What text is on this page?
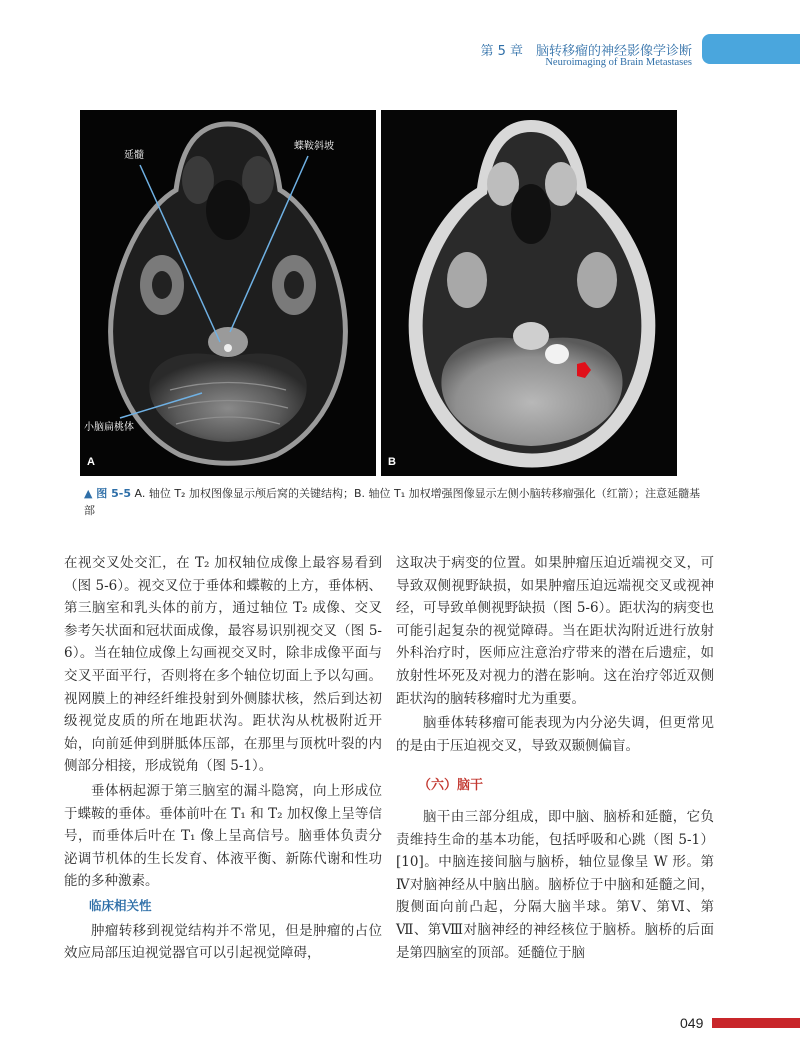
第 5 章　脑转移瘤的神经影像学诊断
Neuroimaging of Brain Metastases
延髓
蝶鞍斜坡
小脑扁桃体
A	B
▲ 图 5-5 A. 轴位 T₂ 加权图像显示颅后窝的关键结构；B. 轴位 T₁ 加权增强图像显示左侧小脑转移瘤强化（红箭）；注意延髓基部

在视交叉处交汇，在 T₂ 加权轴位成像上最容易看到（图 5-6）。视交叉位于垂体和蝶鞍的上方，垂体柄、第三脑室和乳头体的前方，通过轴位 T₂ 成像、交叉参考矢状面和冠状面成像，最容易识别视交叉（图 5-6）。当在轴位成像上勾画视交叉时，除非成像平面与交叉平面平行，否则将在多个轴位切面上予以勾画。视网膜上的神经纤维投射到外侧膝状核，然后到达初级视觉皮质的所在地距状沟。距状沟从枕极附近开始，向前延伸到胼胝体压部，在那里与顶枕叶裂的内侧部分相接，形成锐角（图 5-1）。

垂体柄起源于第三脑室的漏斗隐窝，向上形成位于蝶鞍的垂体。垂体前叶在 T₁ 和 T₂ 加权像上呈等信号，而垂体后叶在 T₁ 像上呈高信号。脑垂体负责分泌调节机体的生长发育、体液平衡、新陈代谢和性功能的多种激素。

临床相关性

肿瘤转移到视觉结构并不常见，但是肿瘤的占位效应局部压迫视觉器官可以引起视觉障碍，

这取决于病变的位置。如果肿瘤压迫近端视交叉，可导致双侧视野缺损，如果肿瘤压迫远端视交叉或视神经，可导致单侧视野缺损（图 5-6）。距状沟的病变也可能引起复杂的视觉障碍。当在距状沟附近进行放射外科治疗时，医师应注意治疗带来的潜在后遗症，如放射性坏死及对视力的潜在影响。这在治疗邻近双侧距状沟的脑转移瘤时尤为重要。

脑垂体转移瘤可能表现为内分泌失调，但更常见的是由于压迫视交叉，导致双颞侧偏盲。

（六）脑干

脑干由三部分组成，即中脑、脑桥和延髓，它负责维持生命的基本功能，包括呼吸和心跳（图 5-1）[10]。中脑连接间脑与脑桥，轴位显像呈 W 形。第Ⅳ对脑神经从中脑出脑。脑桥位于中脑和延髓之间，腹侧面向前凸起，分隔大脑半球。第Ⅴ、第Ⅵ、第Ⅶ、第Ⅷ对脑神经的神经核位于脑桥。脑桥的后面是第四脑室的顶部。延髓位于脑

049
